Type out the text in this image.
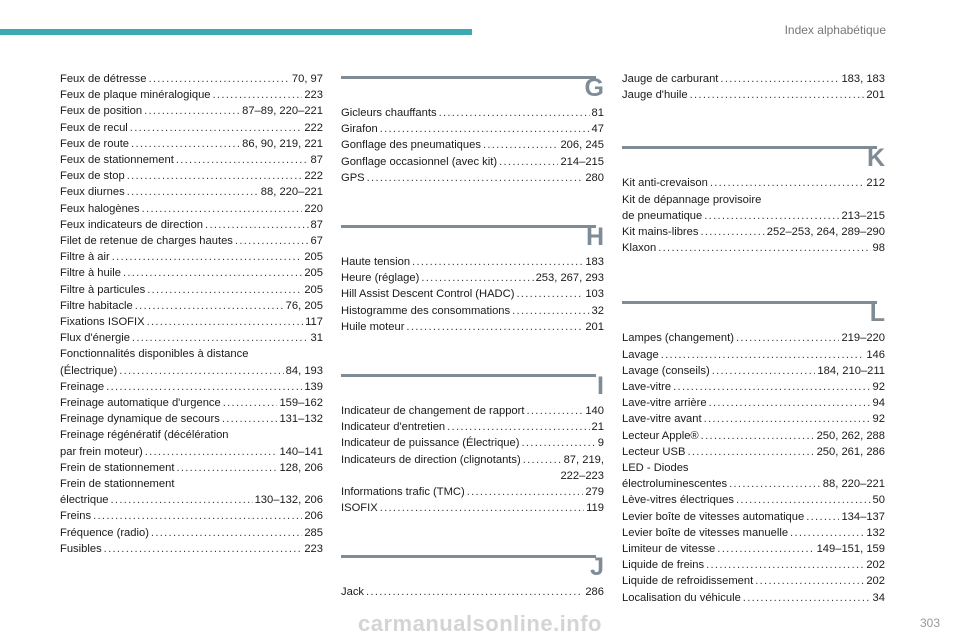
Index alphabétique
Feux de détresse .....	70, 97
Feux de plaque minéralogique .....	223
Feux de position .....	87–89, 220–221
Feux de recul .....	222
Feux de route .....	86, 90, 219, 221
Feux de stationnement .....	87
Feux de stop .....	222
Feux diurnes .....	88, 220–221
Feux halogènes .....	220
Feux indicateurs de direction .....	87
Filet de retenue de charges hautes .....	67
Filtre à air .....	205
Filtre à huile .....	205
Filtre à particules .....	205
Filtre habitacle .....	76, 205
Fixations ISOFIX .....	117
Flux d'énergie .....	31
Fonctionnalités disponibles à distance
(Électrique) .....	84, 193
Freinage .....	139
Freinage automatique d'urgence .....	159–162
Freinage dynamique de secours .....	131–132
Freinage régénératif (décélération
par frein moteur) .....	140–141
Frein de stationnement .....	128, 206
Frein de stationnement
électrique .....	130–132, 206
Freins .....	206
Fréquence (radio) .....	285
Fusibles .....	223
G
Gicleurs chauffants .....	81
Girafon .....	47
Gonflage des pneumatiques .....	206, 245
Gonflage occasionnel (avec kit) .....	214–215
GPS .....	280
H
Haute tension .....	183
Heure (réglage) .....	253, 267, 293
Hill Assist Descent Control (HADC) .....	103
Histogramme des consommations .....	32
Huile moteur .....	201
I
Indicateur de changement de rapport .....	140
Indicateur d'entretien .....	21
Indicateur de puissance (Électrique) .....	9
Indicateurs de direction (clignotants) .....	87, 219,
222–223
Informations trafic (TMC) .....	279
ISOFIX .....	119
J
Jack .....	286
Jauge de carburant .....	183, 183
Jauge d'huile .....	201
K
Kit anti-crevaison .....	212
Kit de dépannage provisoire
de pneumatique .....	213–215
Kit mains-libres .....	252–253, 264, 289–290
Klaxon .....	98
L
Lampes (changement) .....	219–220
Lavage .....	146
Lavage (conseils) .....	184, 210–211
Lave-vitre .....	92
Lave-vitre arrière .....	94
Lave-vitre avant .....	92
Lecteur Apple® .....	250, 262, 288
Lecteur USB .....	250, 261, 286
LED - Diodes
électroluminescentes .....	88, 220–221
Lève-vitres électriques .....	50
Levier boîte de vitesses automatique .....	134–137
Levier boîte de vitesses manuelle .....	132
Limiteur de vitesse .....	149–151, 159
Liquide de freins .....	202
Liquide de refroidissement .....	202
Localisation du véhicule .....	34
carmanualsonline.info	303
